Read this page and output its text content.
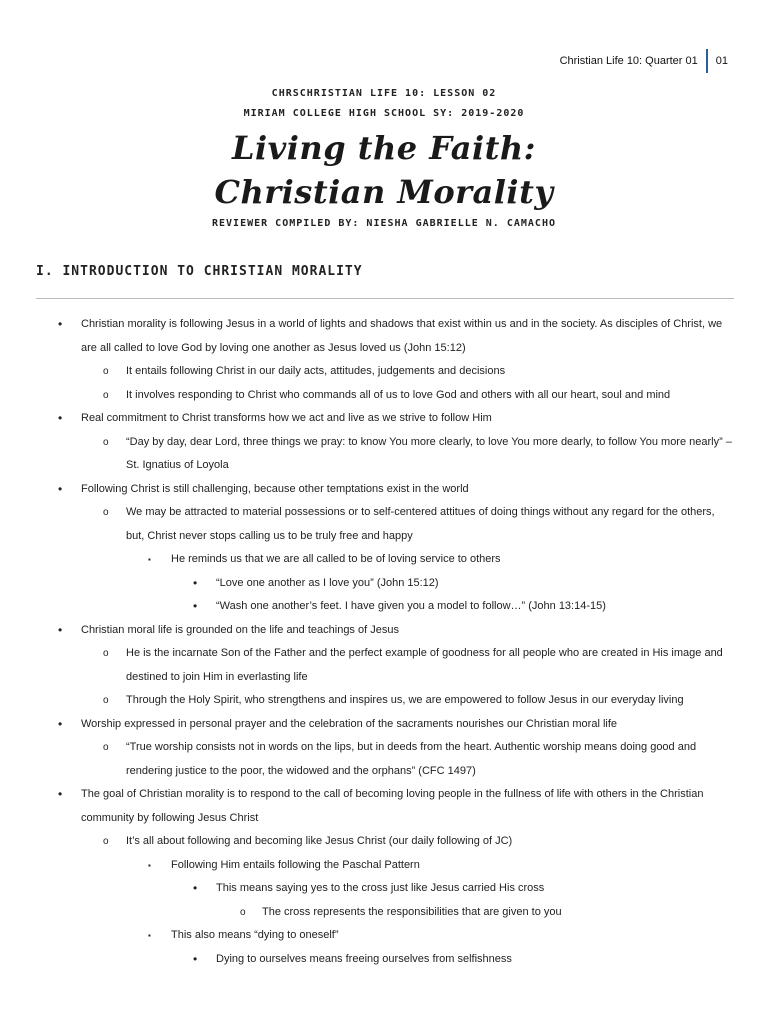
Christian Life 10: Quarter 01 01
CHRSCHRISTIAN LIFE 10: LESSON 02
MIRIAM COLLEGE HIGH SCHOOL SY: 2019-2020
Living the Faith:
Christian Morality
REVIEWER COMPILED BY: NIESHA GABRIELLE N. CAMACHO
I. INTRODUCTION TO CHRISTIAN MORALITY
• Christian morality is following Jesus in a world of lights and shadows that exist within us and in the society. As disciples of Christ, we are all called to love God by loving one another as Jesus loved us (John 15:12)
o It entails following Christ in our daily acts, attitudes, judgements and decisions
o It involves responding to Christ who commands all of us to love God and others with all our heart, soul and mind
• Real commitment to Christ transforms how we act and live as we strive to follow Him
o “Day by day, dear Lord, three things we pray: to know You more clearly, to love You more dearly, to follow You more nearly” – St. Ignatius of Loyola
• Following Christ is still challenging, because other temptations exist in the world
o We may be attracted to material possessions or to self-centered attitues of doing things without any regard for the others, but, Christ never stops calling us to be truly free and happy
▪ He reminds us that we are all called to be of loving service to others
• “Love one another as I love you” (John 15:12)
• “Wash one another’s feet. I have given you a model to follow…” (John 13:14-15)
• Christian moral life is grounded on the life and teachings of Jesus
o He is the incarnate Son of the Father and the perfect example of goodness for all people who are created in His image and destined to join Him in everlasting life
o Through the Holy Spirit, who strengthens and inspires us, we are empowered to follow Jesus in our everyday living
• Worship expressed in personal prayer and the celebration of the sacraments nourishes our Christian moral life
o “True worship consists not in words on the lips, but in deeds from the heart. Authentic worship means doing good and rendering justice to the poor, the widowed and the orphans” (CFC 1497)
• The goal of Christian morality is to respond to the call of becoming loving people in the fullness of life with others in the Christian community by following Jesus Christ
o It’s all about following and becoming like Jesus Christ (our daily following of JC)
▪ Following Him entails following the Paschal Pattern
• This means saying yes to the cross just like Jesus carried His cross
o The cross represents the responsibilities that are given to you
▪ This also means “dying to oneself”
• Dying to ourselves means freeing ourselves from selfishness
